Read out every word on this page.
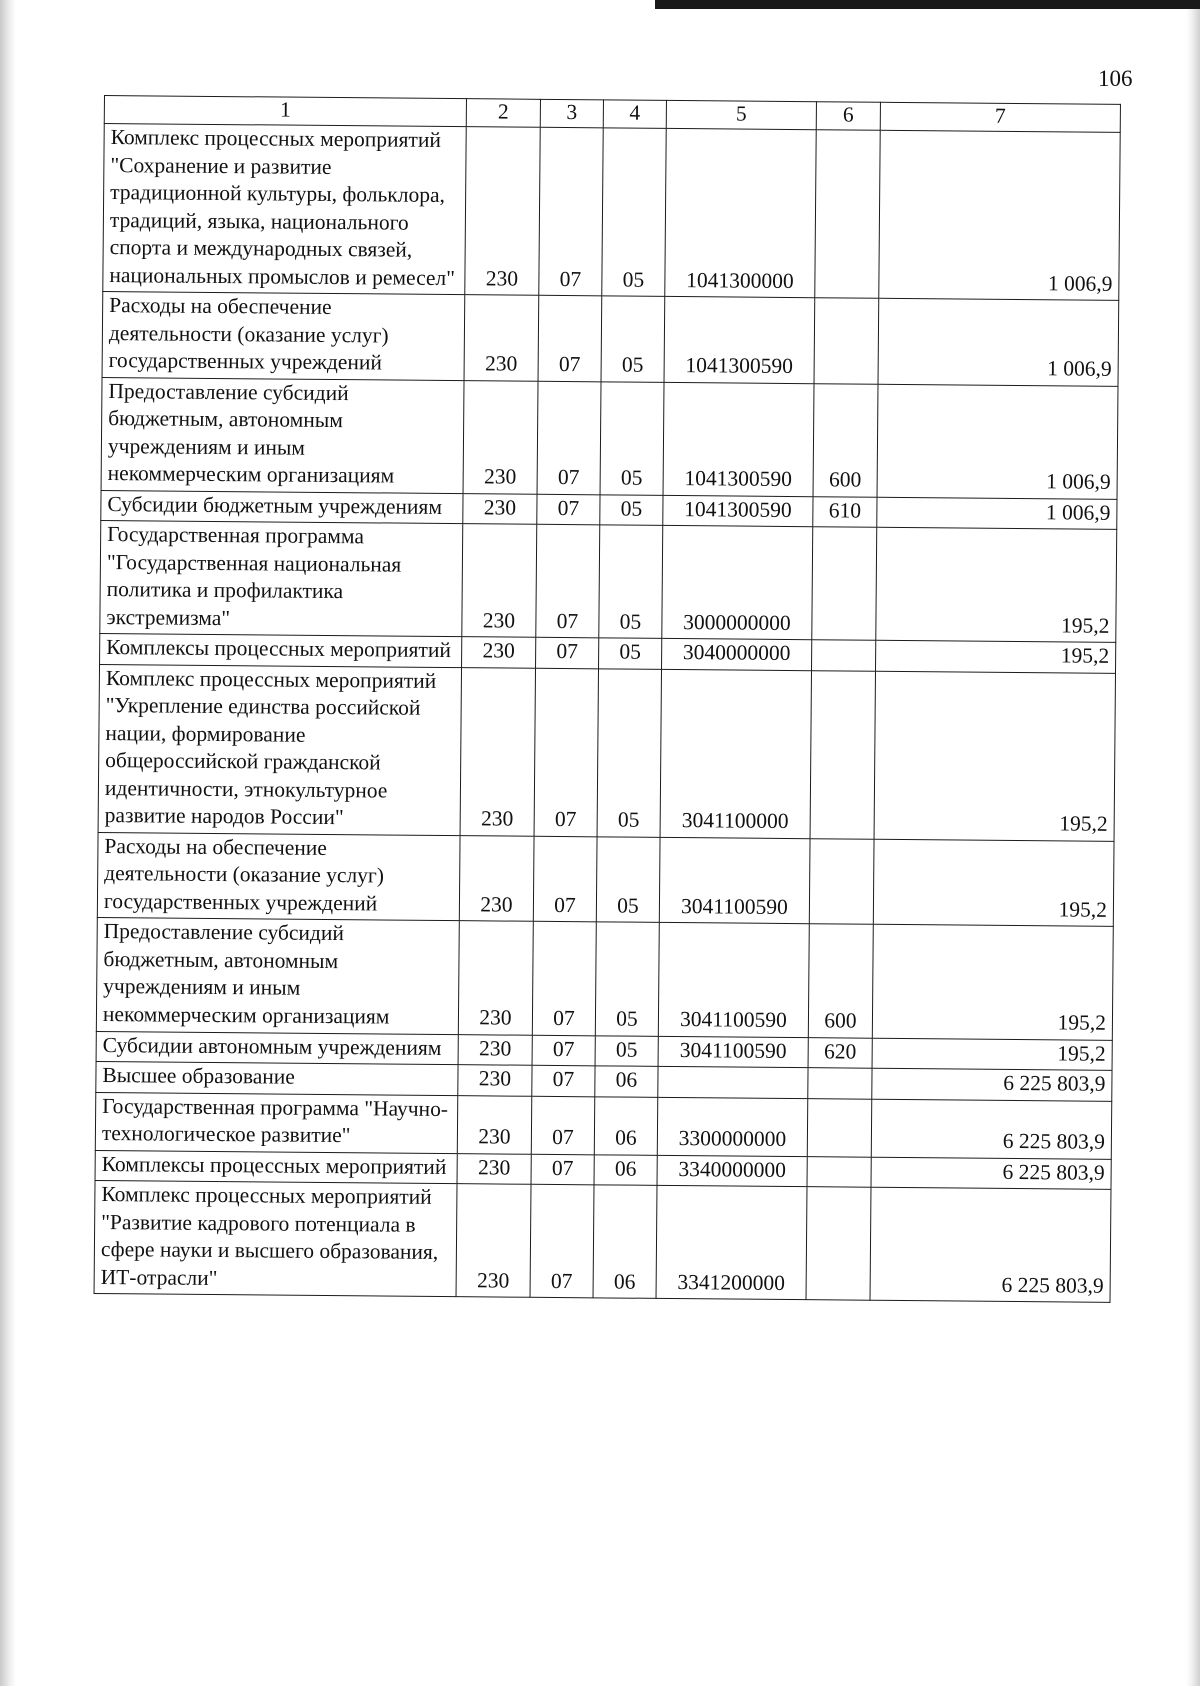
106
1	2	3	4	5	6	7
Комплекс процессных мероприятий "Сохранение и развитие традиционной культуры, фольклора, традиций, языка, национального спорта и международных связей, национальных промыслов и ремесел"	230	07	05	1041300000		1 006,9
Расходы на обеспечение деятельности (оказание услуг) государственных учреждений	230	07	05	1041300590		1 006,9
Предоставление субсидий бюджетным, автономным учреждениям и иным некоммерческим организациям	230	07	05	1041300590	600	1 006,9
Субсидии бюджетным учреждениям	230	07	05	1041300590	610	1 006,9
Государственная программа "Государственная национальная политика и профилактика экстремизма"	230	07	05	3000000000		195,2
Комплексы процессных мероприятий	230	07	05	3040000000		195,2
Комплекс процессных мероприятий "Укрепление единства российской нации, формирование общероссийской гражданской идентичности, этнокультурное развитие народов России"	230	07	05	3041100000		195,2
Расходы на обеспечение деятельности (оказание услуг) государственных учреждений	230	07	05	3041100590		195,2
Предоставление субсидий бюджетным, автономным учреждениям и иным некоммерческим организациям	230	07	05	3041100590	600	195,2
Субсидии автономным учреждениям	230	07	05	3041100590	620	195,2
Высшее образование	230	07	06			6 225 803,9
Государственная программа "Научно-технологическое развитие"	230	07	06	3300000000		6 225 803,9
Комплексы процессных мероприятий	230	07	06	3340000000		6 225 803,9
Комплекс процессных мероприятий "Развитие кадрового потенциала в сфере науки и высшего образования, ИТ-отрасли"	230	07	06	3341200000		6 225 803,9
